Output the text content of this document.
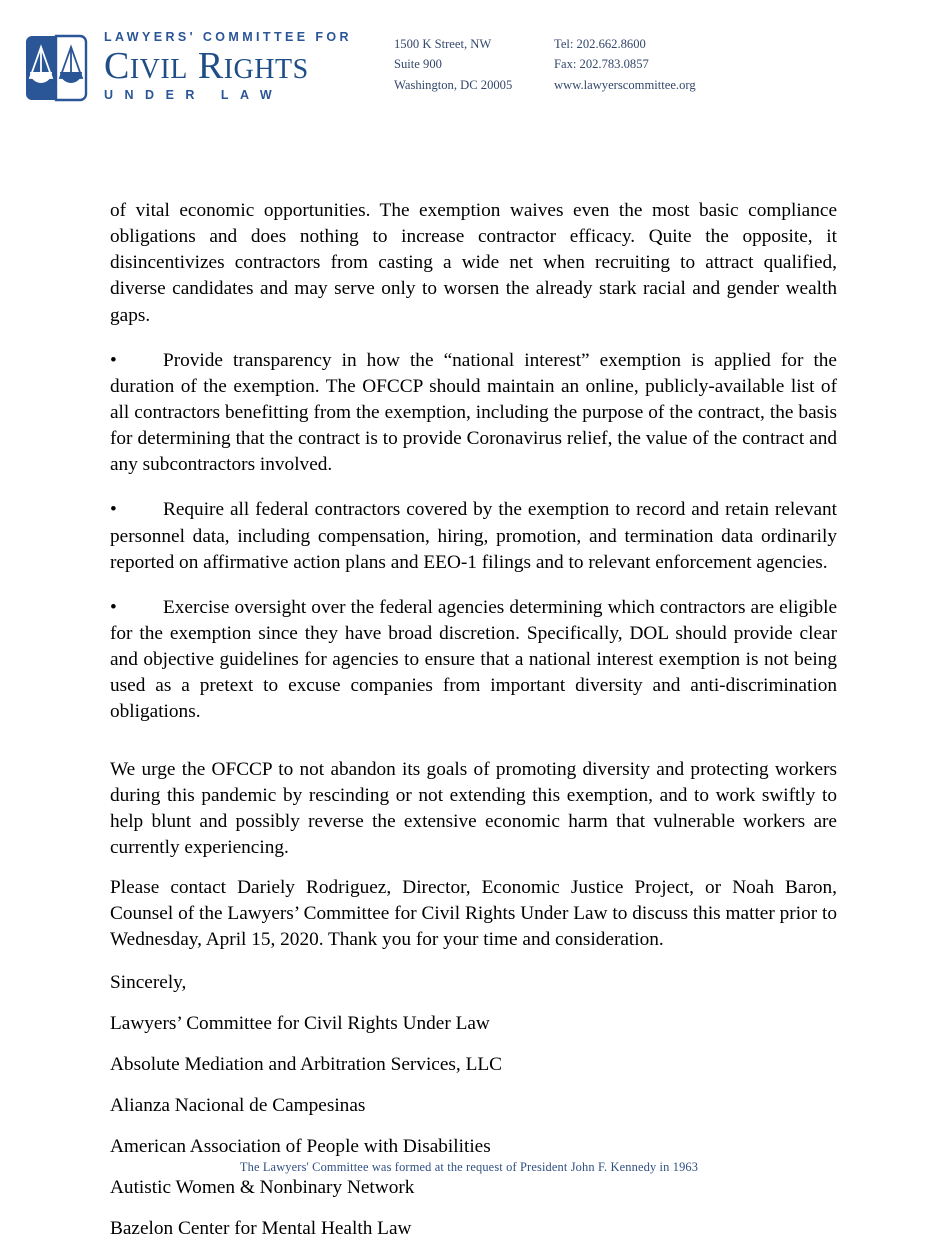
LAWYERS' COMMITTEE FOR
CIVIL RIGHTS
UNDER LAW
1500 K Street, NW
Suite 900
Washington, DC 20005
Tel: 202.662.8600
Fax: 202.783.0857
www.lawyerscommittee.org

of vital economic opportunities. The exemption waives even the most basic compliance obligations and does nothing to increase contractor efficacy. Quite the opposite, it disincentivizes contractors from casting a wide net when recruiting to attract qualified, diverse candidates and may serve only to worsen the already stark racial and gender wealth gaps.

• Provide transparency in how the “national interest” exemption is applied for the duration of the exemption. The OFCCP should maintain an online, publicly-available list of all contractors benefitting from the exemption, including the purpose of the contract, the basis for determining that the contract is to provide Coronavirus relief, the value of the contract and any subcontractors involved.

• Require all federal contractors covered by the exemption to record and retain relevant personnel data, including compensation, hiring, promotion, and termination data ordinarily reported on affirmative action plans and EEO-1 filings and to relevant enforcement agencies.

• Exercise oversight over the federal agencies determining which contractors are eligible for the exemption since they have broad discretion. Specifically, DOL should provide clear and objective guidelines for agencies to ensure that a national interest exemption is not being used as a pretext to excuse companies from important diversity and anti-discrimination obligations.

We urge the OFCCP to not abandon its goals of promoting diversity and protecting workers during this pandemic by rescinding or not extending this exemption, and to work swiftly to help blunt and possibly reverse the extensive economic harm that vulnerable workers are currently experiencing.

Please contact Dariely Rodriguez, Director, Economic Justice Project, or Noah Baron, Counsel of the Lawyers’ Committee for Civil Rights Under Law to discuss this matter prior to Wednesday, April 15, 2020. Thank you for your time and consideration.

Sincerely,
Lawyers’ Committee for Civil Rights Under Law
Absolute Mediation and Arbitration Services, LLC
Alianza Nacional de Campesinas
American Association of People with Disabilities
Autistic Women & Nonbinary Network
Bazelon Center for Mental Health Law
The Lawyers' Committee was formed at the request of President John F. Kennedy in 1963
